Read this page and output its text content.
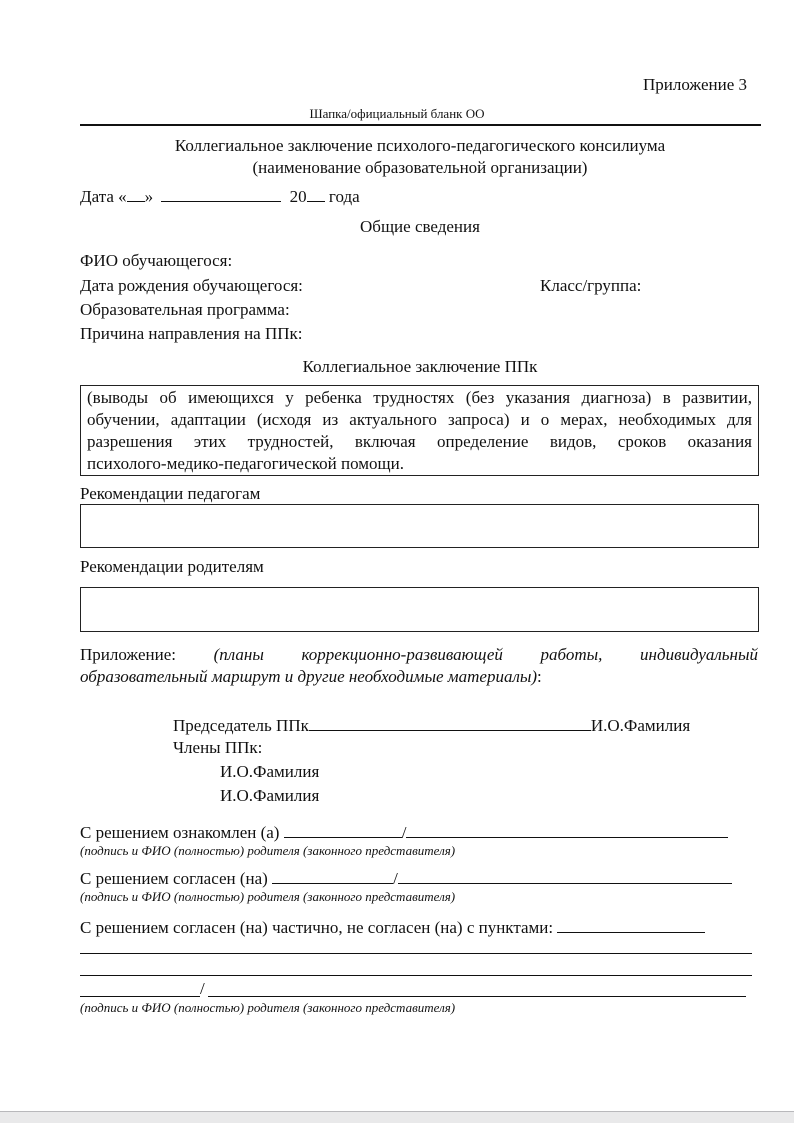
Приложение 3
Шапка/официальный бланк ОО
Коллегиальное заключение психолого-педагогического консилиума
(наименование образовательной организации)
Дата « »	20 года
Общие сведения
ФИО обучающегося:
Дата рождения обучающегося:	Класс/группа:
Образовательная программа:
Причина направления на ППк:
Коллегиальное заключение ППк
(выводы об имеющихся у ребенка трудностях (без указания диагноза) в развитии,
обучении, адаптации (исходя из актуального запроса) и о мерах, необходимых для
разрешения этих трудностей, включая определение видов, сроков оказания
психолого-медико-педагогической помощи.
Рекомендации педагогам
Рекомендации родителям
Приложение: (планы коррекционно-развивающей работы, индивидуальный
образовательный маршрут и другие необходимые материалы):
Председатель ППк	И.О.Фамилия
Члены ППк:
И.О.Фамилия
И.О.Фамилия
С решением ознакомлен (а)	/
(подпись и ФИО (полностью) родителя (законного представителя)
С решением согласен (на)	/
(подпись и ФИО (полностью) родителя (законного представителя)
С решением согласен (на) частично, не согласен (на) с пунктами:
/
(подпись и ФИО (полностью) родителя (законного представителя)
